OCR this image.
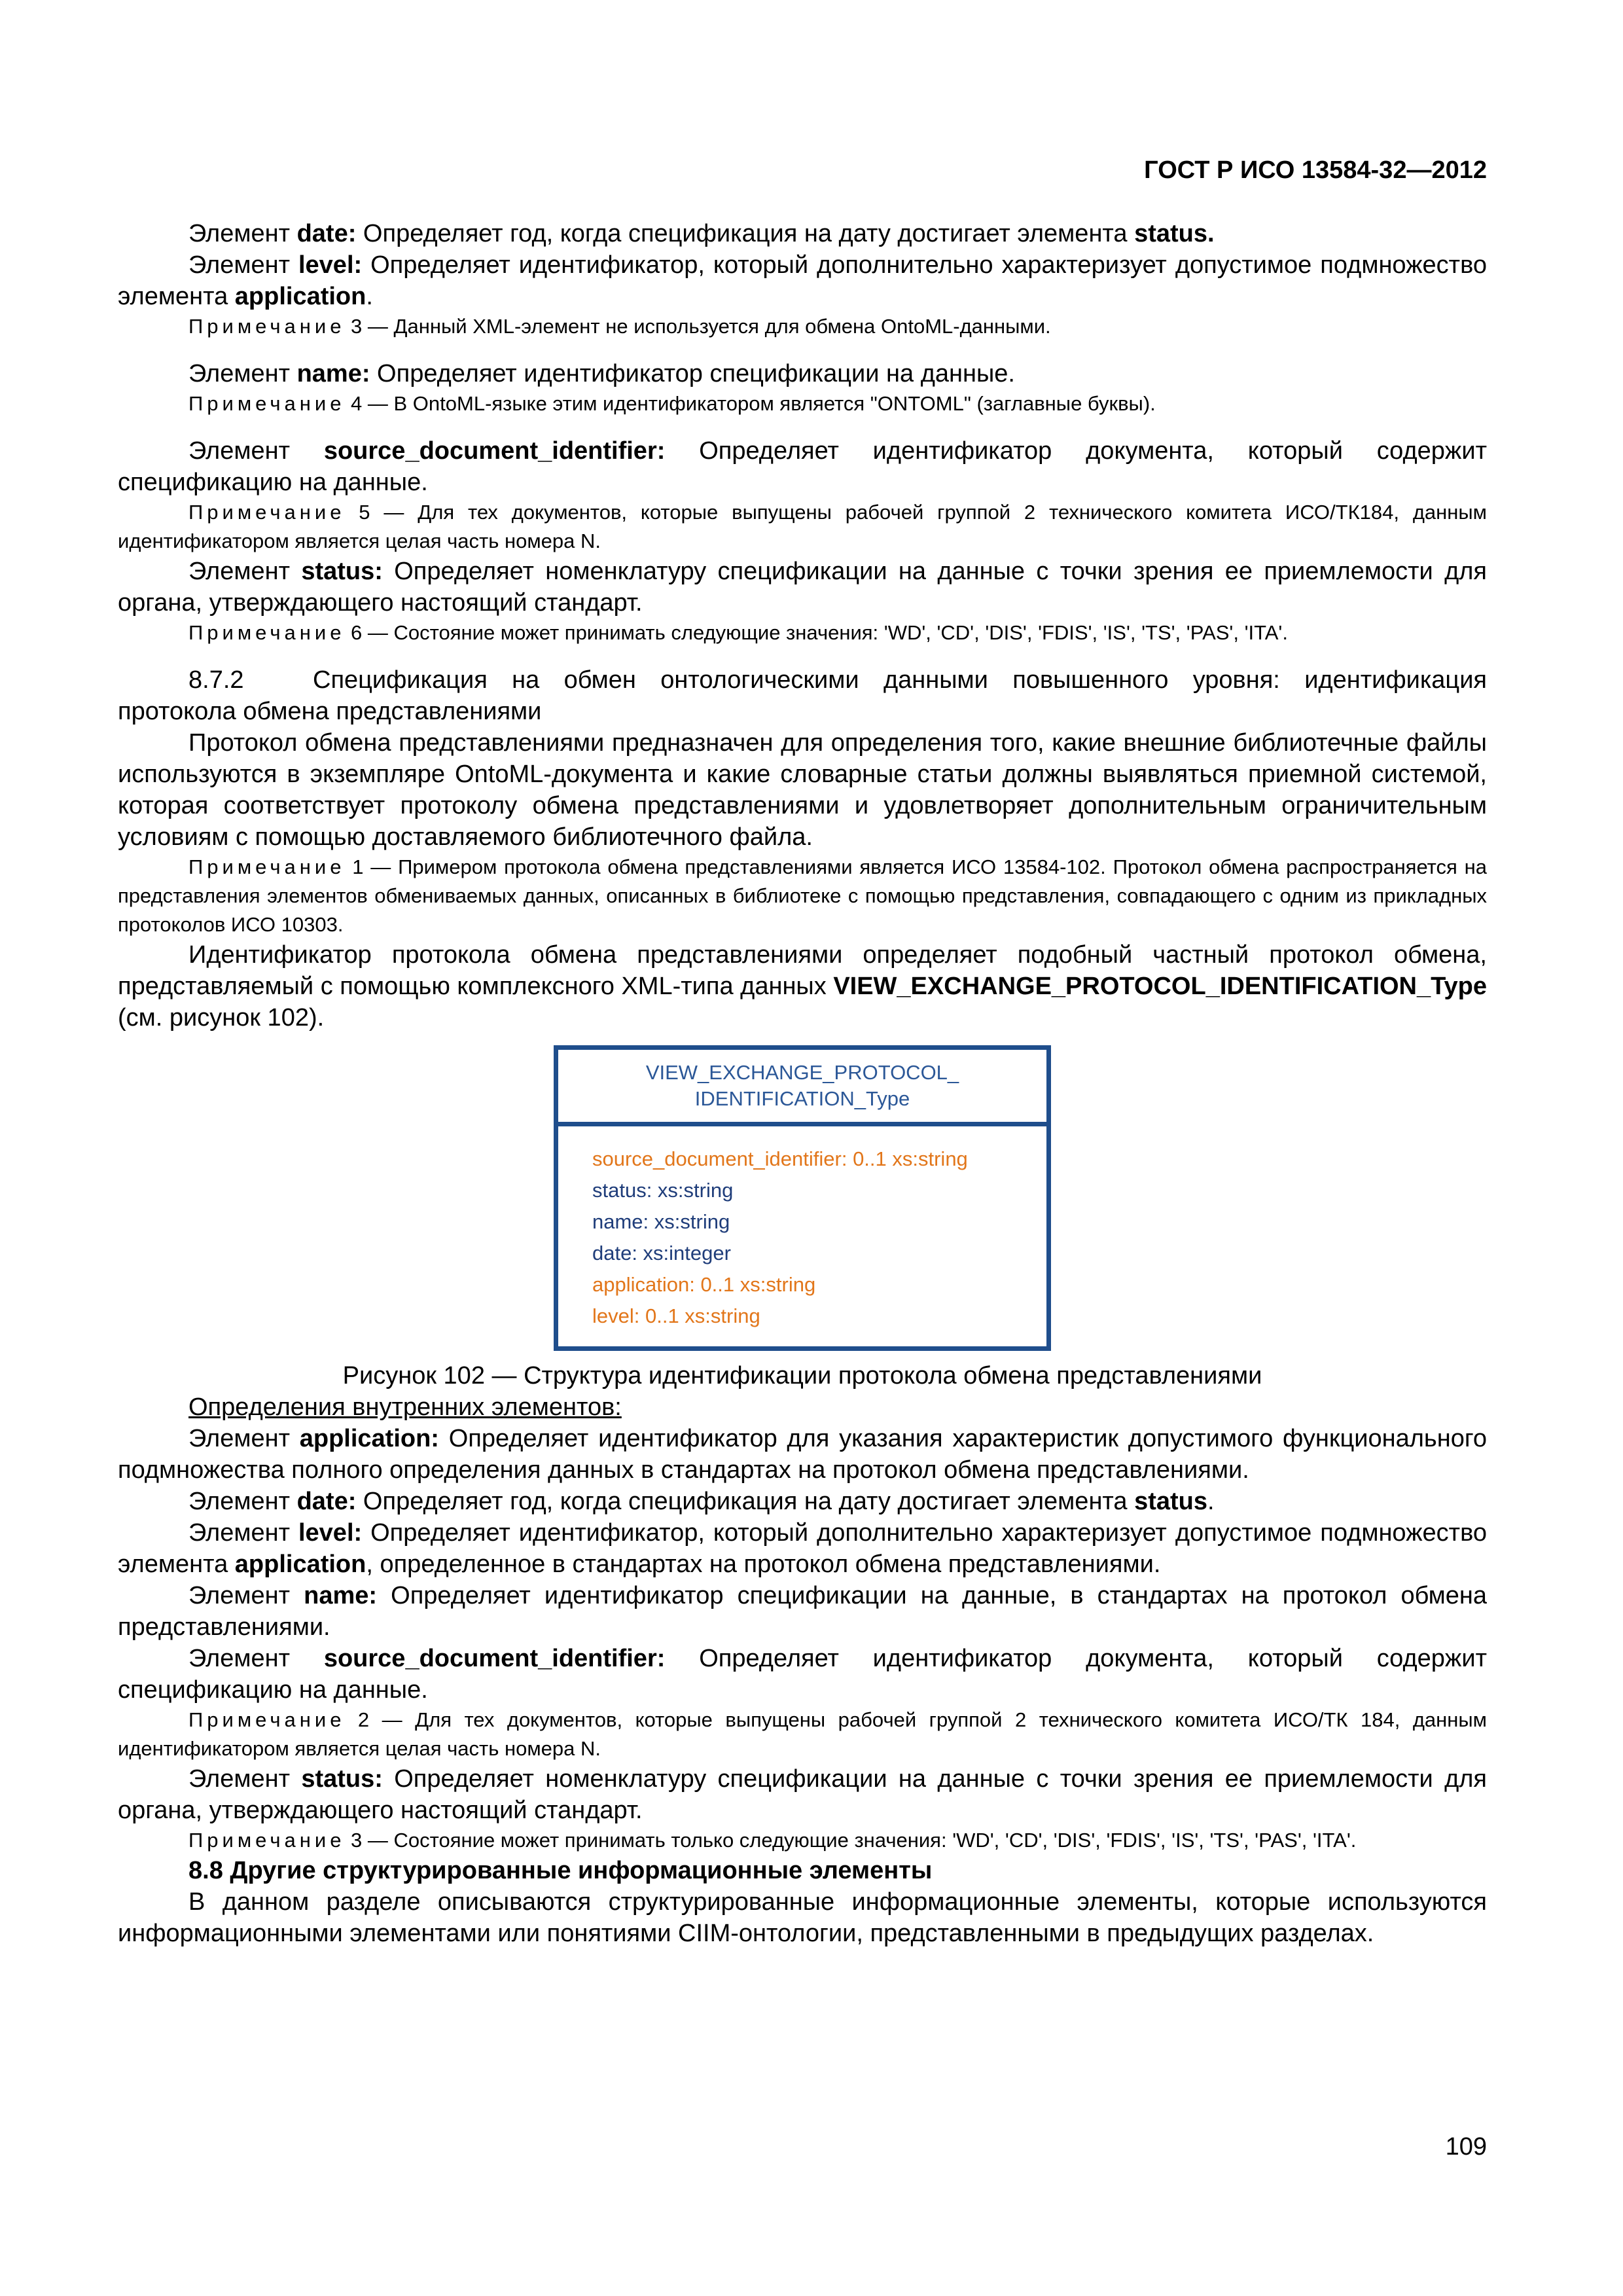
ГОСТ Р ИСО 13584-32—2012

Элемент date: Определяет год, когда спецификация на дату достигает элемента status.

Элемент level: Определяет идентификатор, который дополнительно характеризует допустимое подмножество элемента application.

Примечание 3 — Данный XML-элемент не используется для обмена OntoML-данными.

Элемент name: Определяет идентификатор спецификации на данные.

Примечание 4 — В OntoML-языке этим идентификатором является "ONTOML" (заглавные буквы).

Элемент source_document_identifier: Определяет идентификатор документа, который содержит спецификацию на данные.

Примечание 5 — Для тех документов, которые выпущены рабочей группой 2 технического комитета ИСО/ТК184, данным идентификатором является целая часть номера N.

Элемент status: Определяет номенклатуру спецификации на данные с точки зрения ее приемлемости для органа, утверждающего настоящий стандарт.

Примечание 6 — Состояние может принимать следующие значения: 'WD', 'CD', 'DIS', 'FDIS', 'IS', 'TS', 'PAS', 'ITA'.

8.7.2	Спецификация на обмен онтологическими данными повышенного уровня: идентификация протокола обмена представлениями

Протокол обмена представлениями предназначен для определения того, какие внешние библиотечные файлы используются в экземпляре OntoML-документа и какие словарные статьи должны выявляться приемной системой, которая соответствует протоколу обмена представлениями и удовлетворяет дополнительным ограничительным условиям с помощью доставляемого библиотечного файла.

Примечание 1 — Примером протокола обмена представлениями является ИСО 13584-102. Протокол обмена распространяется на представления элементов обмениваемых данных, описанных в библиотеке с помощью представления, совпадающего с одним из прикладных протоколов ИСО 10303.

Идентификатор протокола обмена представлениями определяет подобный частный протокол обмена, представляемый с помощью комплексного XML-типа данных VIEW_EXCHANGE_PROTOCOL_IDENTIFICATION_Type (см. рисунок 102).

VIEW_EXCHANGE_PROTOCOL_
IDENTIFICATION_Type
source_document_identifier: 0..1 xs:string
status: xs:string
name: xs:string
date: xs:integer
application: 0..1 xs:string
level: 0..1 xs:string

Рисунок 102 — Структура идентификации протокола обмена представлениями

Определения внутренних элементов:

Элемент application: Определяет идентификатор для указания характеристик допустимого функционального подмножества полного определения данных в стандартах на протокол обмена представлениями.

Элемент date: Определяет год, когда спецификация на дату достигает элемента status.

Элемент level: Определяет идентификатор, который дополнительно характеризует допустимое подмножество элемента application, определенное в стандартах на протокол обмена представлениями.

Элемент name: Определяет идентификатор спецификации на данные, в стандартах на протокол обмена представлениями.

Элемент source_document_identifier: Определяет идентификатор документа, который содержит спецификацию на данные.

Примечание 2 — Для тех документов, которые выпущены рабочей группой 2 технического комитета ИСО/ТК 184, данным идентификатором является целая часть номера N.

Элемент status: Определяет номенклатуру спецификации на данные с точки зрения ее приемлемости для органа, утверждающего настоящий стандарт.

Примечание 3 — Состояние может принимать только следующие значения: 'WD', 'CD', 'DIS', 'FDIS', 'IS', 'TS', 'PAS', 'ITA'.

8.8 Другие структурированные информационные элементы

В данном разделе описываются структурированные информационные элементы, которые используются информационными элементами или понятиями CIIM-онтологии, представленными в предыдущих разделах.

109
